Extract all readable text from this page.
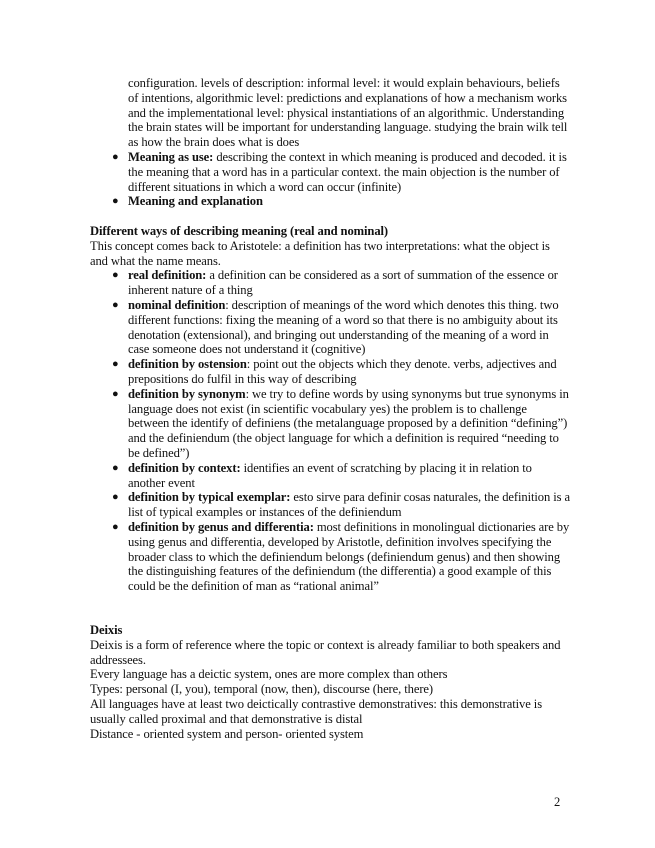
configuration. levels of description: informal level: it would explain behaviours, beliefs of intentions, algorithmic level: predictions and explanations of how a mechanism works and the implementational level: physical instantiations of an algorithmic. Understanding the brain states will be important for understanding language. studying the brain wilk tell as how the brain does what is does

● Meaning as use: describing the context in which meaning is produced and decoded. it is the meaning that a word has in a particular context. the main objection is the number of different situations in which a word can occur (infinite)
● Meaning and explanation

Different ways of describing meaning (real and nominal)

This concept comes back to Aristotele: a definition has two interpretations: what the object is and what the name means.

● real definition: a definition can be considered as a sort of summation of the essence or inherent nature of a thing
● nominal definition: description of meanings of the word which denotes this thing. two different functions: fixing the meaning of a word so that there is no ambiguity about its denotation (extensional), and bringing out understanding of the meaning of a word in case someone does not understand it (cognitive)
● definition by ostension: point out the objects which they denote. verbs, adjectives and prepositions do fulfil in this way of describing
● definition by synonym: we try to define words by using synonyms but true synonyms in language does not exist (in scientific vocabulary yes) the problem is to challenge between the identify of definiens (the metalanguage proposed by a definition “defining”) and the definiendum (the object language for which a definition is required “needing to be defined”)
● definition by context: identifies an event of scratching by placing it in relation to another event
● definition by typical exemplar: esto sirve para definir cosas naturales, the definition is a list of typical examples or instances of the definiendum
● definition by genus and differentia: most definitions in monolingual dictionaries are by using genus and differentia, developed by Aristotle, definition involves specifying the broader class to which the definiendum belongs (definiendum genus) and then showing the distinguishing features of the definiendum (the differentia) a good example of this could be the definition of man as “rational animal”

Deixis

Deixis is a form of reference where the topic or context is already familiar to both speakers and addressees.

Every language has a deictic system, ones are more complex than others

Types: personal (I, you), temporal (now, then), discourse (here, there)

All languages have at least two deictically contrastive demonstratives: this demonstrative is usually called proximal and that demonstrative is distal

Distance - oriented system and person- oriented system

2
